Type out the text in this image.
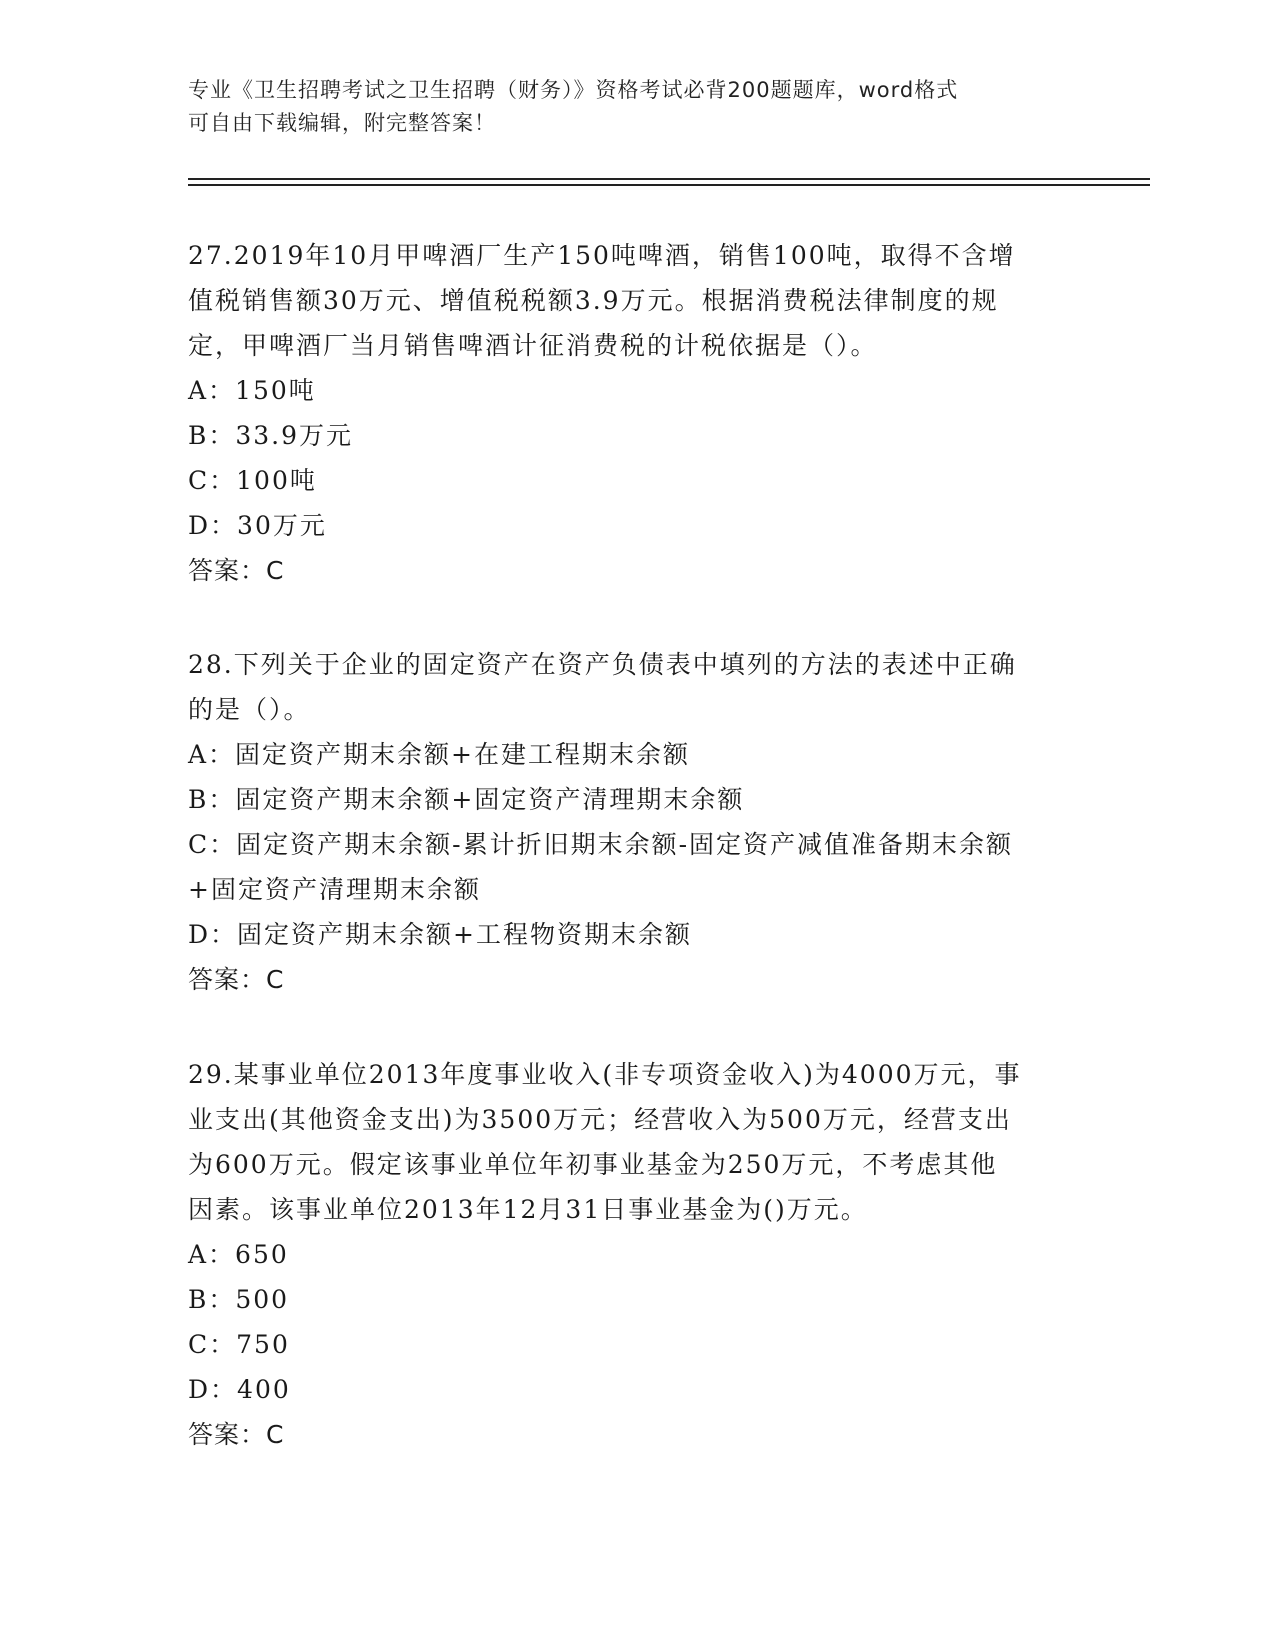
专业《卫生招聘考试之卫生招聘（财务）》资格考试必背200题题库，word格式
可自由下载编辑，附完整答案！
27.2019年10月甲啤酒厂生产150吨啤酒，销售100吨，取得不含增
值税销售额30万元、增值税税额3.9万元。根据消费税法律制度的规
定，甲啤酒厂当月销售啤酒计征消费税的计税依据是（）。
A：150吨
B：33.9万元
C：100吨
D：30万元
答案：C
28.下列关于企业的固定资产在资产负债表中填列的方法的表述中正确
的是（）。
A：固定资产期末余额+在建工程期末余额
B：固定资产期末余额+固定资产清理期末余额
C：固定资产期末余额-累计折旧期末余额-固定资产减值准备期末余额
+固定资产清理期末余额
D：固定资产期末余额+工程物资期末余额
答案：C
29.某事业单位2013年度事业收入(非专项资金收入)为4000万元，事
业支出(其他资金支出)为3500万元；经营收入为500万元，经营支出
为600万元。假定该事业单位年初事业基金为250万元，不考虑其他
因素。该事业单位2013年12月31日事业基金为()万元。
A：650
B：500
C：750
D：400
答案：C
